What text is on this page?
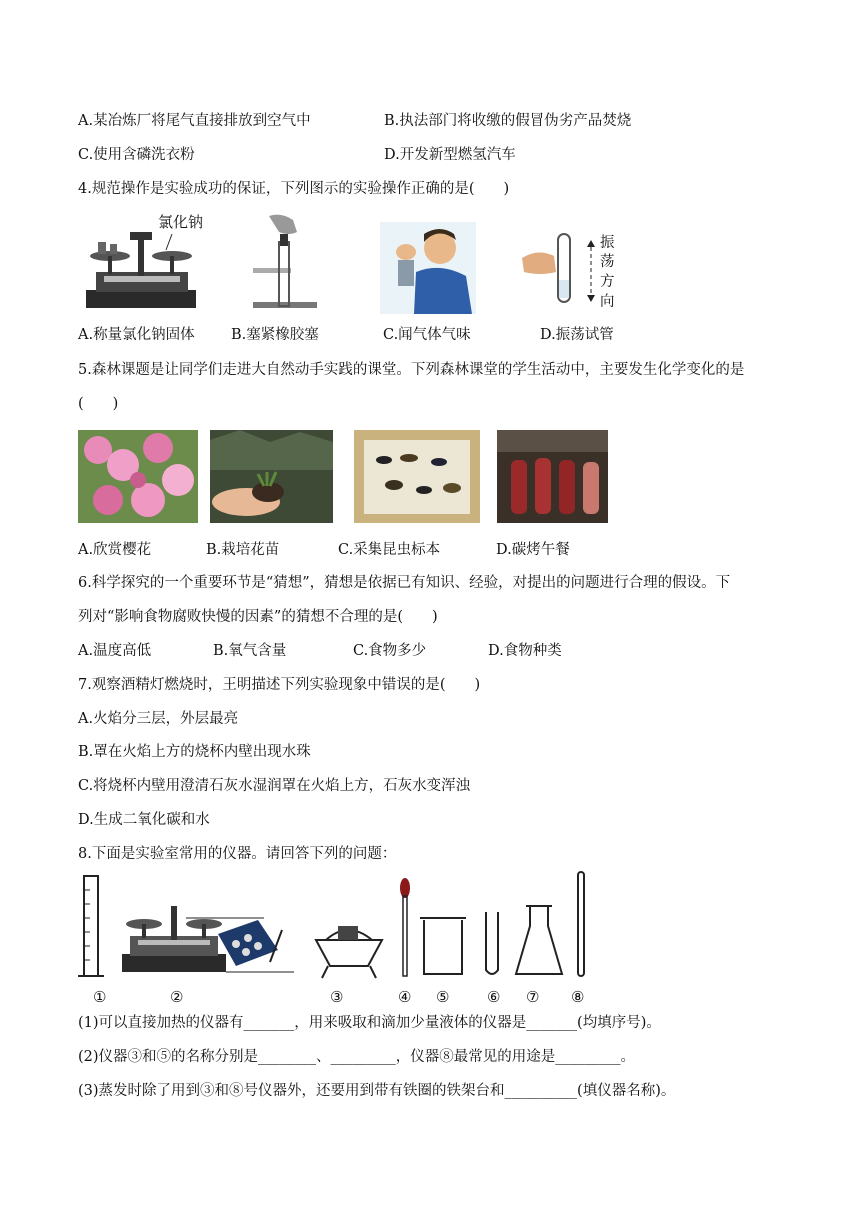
A.某冶炼厂将尾气直接排放到空气中	B.执法部门将收缴的假冒伪劣产品焚烧
C.使用含磷洗衣粉	D.开发新型燃氢汽车
4.规范操作是实验成功的保证，下列图示的实验操作正确的是(　　)
氯化钠
振
荡
方
向
A.称量氯化钠固体	B.塞紧橡胶塞	C.闻气体气味	D.振荡试管
5.森林课题是让同学们走进大自然动手实践的课堂。下列森林课堂的学生活动中，主要发生化学变化的是
(　　)
A.欣赏樱花	B.栽培花苗	C.采集昆虫标本	D.碳烤午餐
6.科学探究的一个重要环节是“猜想”，猜想是依据已有知识、经验，对提出的问题进行合理的假设。下
列对“影响食物腐败快慢的因素”的猜想不合理的是(　　)
A.温度高低	B.氧气含量	C.食物多少	D.食物种类
7.观察酒精灯燃烧时，王明描述下列实验现象中错误的是(　　)
A.火焰分三层，外层最亮
B.罩在火焰上方的烧杯内壁出现水珠
C.将烧杯内壁用澄清石灰水湿润罩在火焰上方，石灰水变浑浊
D.生成二氧化碳和水
8.下面是实验室常用的仪器。请回答下列的问题：
①	②	③	④ ⑤	⑥ ⑦ ⑧
(1)可以直接加热的仪器有_______，用来吸取和滴加少量液体的仪器是_______(均填序号)。
(2)仪器③和⑤的名称分别是________、_________，仪器⑧最常见的用途是_________。
(3)蒸发时除了用到③和⑧号仪器外，还要用到带有铁圈的铁架台和__________(填仪器名称)。
